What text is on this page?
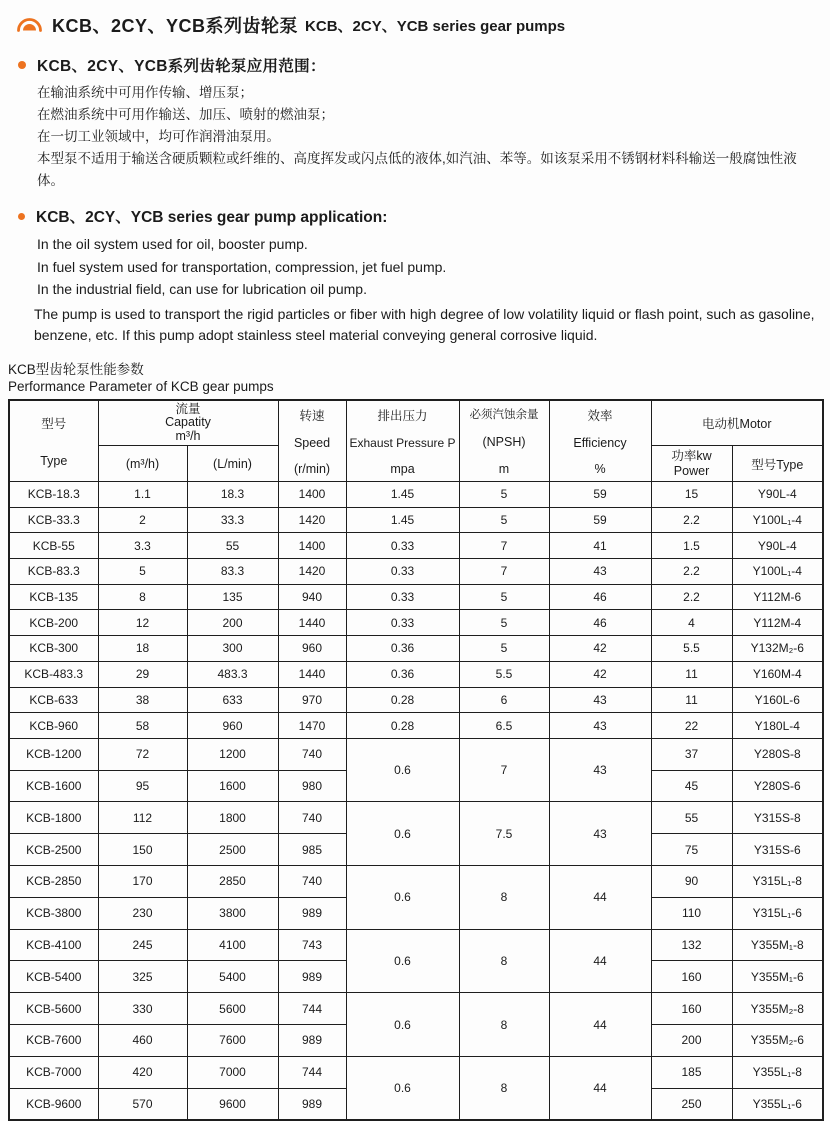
KCB、2CY、YCB系列齿轮泵 KCB、2CY、YCB series gear pumps
KCB、2CY、YCB系列齿轮泵应用范围：
在输油系统中可用作传输、增压泵；
在燃油系统中可用作输送、加压、喷射的燃油泵；
在一切工业领域中，均可作润滑油泵用。
本型泵不适用于输送含硬质颗粒或纤维的、高度挥发或闪点低的液体,如汽油、苯等。如该泵采用不锈钢材料科输送一般腐蚀性液体。
KCB、2CY、YCB series gear pump application:
In the oil system used for oil, booster pump.
In fuel system used for transportation, compression, jet fuel pump.
In the industrial field, can use for lubrication oil pump.
The pump is used to transport the rigid particles or fiber with high degree of low volatility liquid or flash point, such as gasoline, benzene, etc. If this pump adopt stainless steel material conveying general corrosive liquid.
KCB型齿轮泵性能参数
Performance Parameter of KCB gear pumps
型号
Type	流量
Capatity
m³/h		转速
Speed
(r/min)	排出压力
Exhaust Pressure P
mpa	必须汽蚀余量
(NPSH)
m	效率
Efficiency
%	电动机Motor	

	(m³/h)	(L/min)					功率kw
Power	型号Type

KCB-18.3	1.1	18.3	1400	1.45	5	59	15	Y90L-4
KCB-33.3	2	33.3	1420	1.45	5	59	2.2	Y100L₁-4
KCB-55	3.3	55	1400	0.33	7	41	1.5	Y90L-4
KCB-83.3	5	83.3	1420	0.33	7	43	2.2	Y100L₁-4
KCB-135	8	135	940	0.33	5	46	2.2	Y112M-6
KCB-200	12	200	1440	0.33	5	46	4	Y112M-4
KCB-300	18	300	960	0.36	5	42	5.5	Y132M₂-6
KCB-483.3	29	483.3	1440	0.36	5.5	42	11	Y160M-4
KCB-633	38	633	970	0.28	6	43	11	Y160L-6
KCB-960	58	960	1470	0.28	6.5	43	22	Y180L-4
KCB-1200	72	1200	740	0.6	7	43	37	Y280S-8
KCB-1600	95	1600	980				45	Y280S-6
KCB-1800	112	1800	740	0.6	7.5	43	55	Y315S-8
KCB-2500	150	2500	985				75	Y315S-6
KCB-2850	170	2850	740	0.6	8	44	90	Y315L₁-8
KCB-3800	230	3800	989				110	Y315L₁-6
KCB-4100	245	4100	743	0.6	8	44	132	Y355M₁-8
KCB-5400	325	5400	989				160	Y355M₁-6
KCB-5600	330	5600	744	0.6	8	44	160	Y355M₂-8
KCB-7600	460	7600	989				200	Y355M₂-6
KCB-7000	420	7000	744	0.6	8	44	185	Y355L₁-8
KCB-9600	570	9600	989				250	Y355L₁-6
